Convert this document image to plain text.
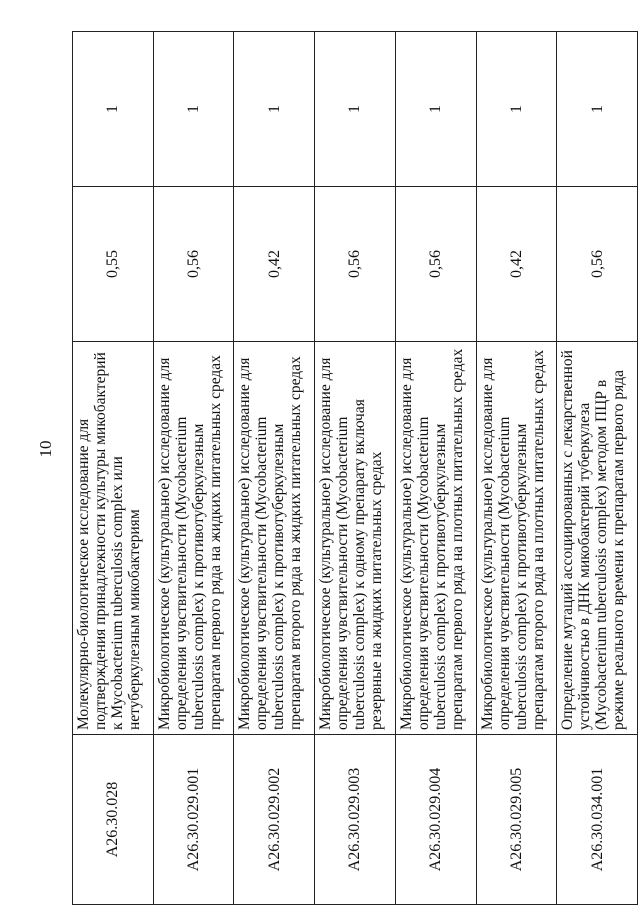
10
A26.30.028	Молекулярно-биологическое исследование для подтверждения принадлежности культуры микобактерий к Mycobacterium tuberculosis complex или нетуберкулезным микобактериям	0,55	1
A26.30.029.001	Микробиологическое (культуральное) исследование для определения чувствительности (Mycobacterium tuberculosis complex) к противотуберкулезным препаратам первого ряда на жидких питательных средах	0,56	1
A26.30.029.002	Микробиологическое (культуральное) исследование для определения чувствительности (Mycobacterium tuberculosis complex) к противотуберкулезным препаратам второго ряда на жидких питательных средах	0,42	1
A26.30.029.003	Микробиологическое (культуральное) исследование для определения чувствительности (Mycobacterium tuberculosis complex) к одному препарату включая резервные на жидких питательных средах	0,56	1
A26.30.029.004	Микробиологическое (культуральное) исследование для определения чувствительности (Mycobacterium tuberculosis complex) к противотуберкулезным препаратам первого ряда на плотных питательных средах	0,56	1
A26.30.029.005	Микробиологическое (культуральное) исследование для определения чувствительности (Mycobacterium tuberculosis complex) к противотуберкулезным препаратам второго ряда на плотных питательных средах	0,42	1
A26.30.034.001	Определение мутаций ассоциированных с лекарственной устойчивостью в ДНК микобактерий туберкулеза (Mycobacterium tuberculosis complex) методом ПЦР в режиме реального времени к препаратам первого ряда	0,56	1
